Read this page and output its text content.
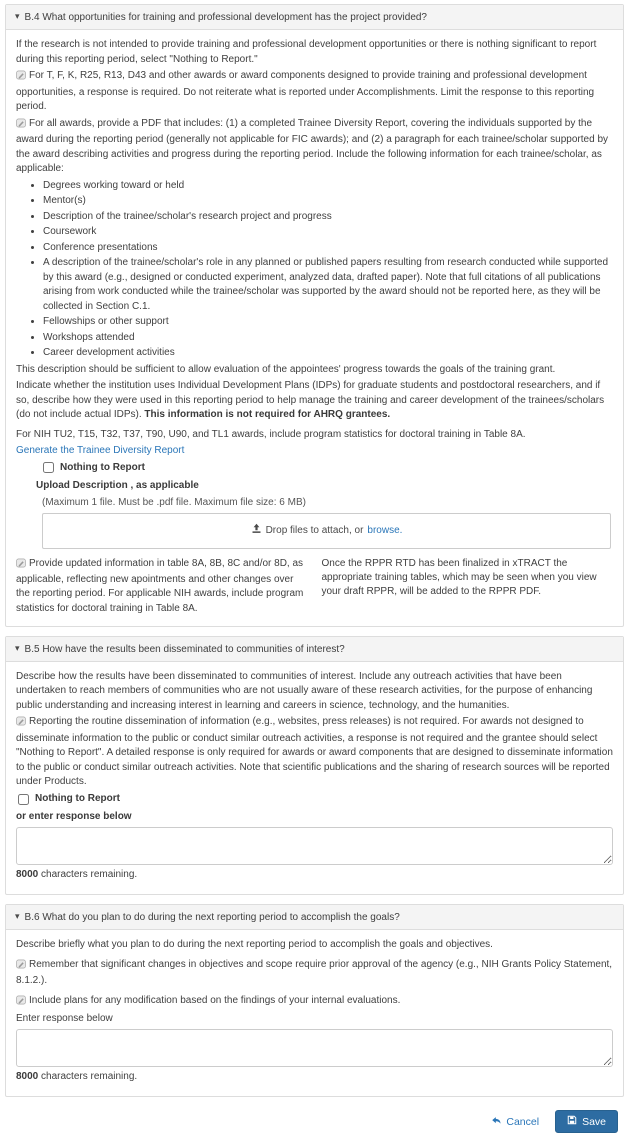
▾ B.4 What opportunities for training and professional development has the project provided?

If the research is not intended to provide training and professional development opportunities or there is nothing significant to report during this reporting period, select "Nothing to Report."

For T, F, K, R25, R13, D43 and other awards or award components designed to provide training and professional development opportunities, a response is required. Do not reiterate what is reported under Accomplishments. Limit the response to this reporting period.

For all awards, provide a PDF that includes: (1) a completed Trainee Diversity Report, covering the individuals supported by the award during the reporting period (generally not applicable for FIC awards); and (2) a paragraph for each trainee/scholar supported by the award describing activities and progress during the reporting period. Include the following information for each trainee/scholar, as applicable:

• Degrees working toward or held
• Mentor(s)
• Description of the trainee/scholar's research project and progress
• Coursework
• Conference presentations
• A description of the trainee/scholar's role in any planned or published papers resulting from research conducted while supported by this award (e.g., designed or conducted experiment, analyzed data, drafted paper). Note that full citations of all publications arising from work conducted while the trainee/scholar was supported by the award should not be reported here, as they will be collected in Section C.1.
• Fellowships or other support
• Workshops attended
• Career development activities

This description should be sufficient to allow evaluation of the appointees' progress towards the goals of the training grant.

Indicate whether the institution uses Individual Development Plans (IDPs) for graduate students and postdoctoral researchers, and if so, describe how they were used in this reporting period to help manage the training and career development of the trainees/scholars (do not include actual IDPs). This information is not required for AHRQ grantees.

For NIH TU2, T15, T32, T37, T90, U90, and TL1 awards, include program statistics for doctoral training in Table 8A.

Generate the Trainee Diversity Report

Nothing to Report
Upload Description , as applicable
(Maximum 1 file. Must be .pdf file. Maximum file size: 6 MB)
Drop files to attach, or browse.
Provide updated information in table 8A, 8B, 8C and/or 8D, as applicable, reflecting new apointments and other changes over the reporting period. For applicable NIH awards, include program statistics for doctoral training in Table 8A.
Once the RPPR RTD has been finalized in xTRACT the appropriate training tables, which may be seen when you view your draft RPPR, will be added to the RPPR PDF.
▾ B.5 How have the results been disseminated to communities of interest?

Describe how the results have been disseminated to communities of interest. Include any outreach activities that have been undertaken to reach members of communities who are not usually aware of these research activities, for the purpose of enhancing public understanding and increasing interest in learning and careers in science, technology, and the humanities.

Reporting the routine dissemination of information (e.g., websites, press releases) is not required. For awards not designed to disseminate information to the public or conduct similar outreach activities, a response is not required and the grantee should select "Nothing to Report". A detailed response is only required for awards or award components that are designed to disseminate information to the public or conduct similar outreach activities. Note that scientific publications and the sharing of research sources will be reported under Products.

Nothing to Report
or enter response below
8000 characters remaining.
▾ B.6 What do you plan to do during the next reporting period to accomplish the goals?

Describe briefly what you plan to do during the next reporting period to accomplish the goals and objectives.

Remember that significant changes in objectives and scope require prior approval of the agency (e.g., NIH Grants Policy Statement, 8.1.2.).

Include plans for any modification based on the findings of your internal evaluations.

Enter response below
8000 characters remaining.
Cancel	Save
